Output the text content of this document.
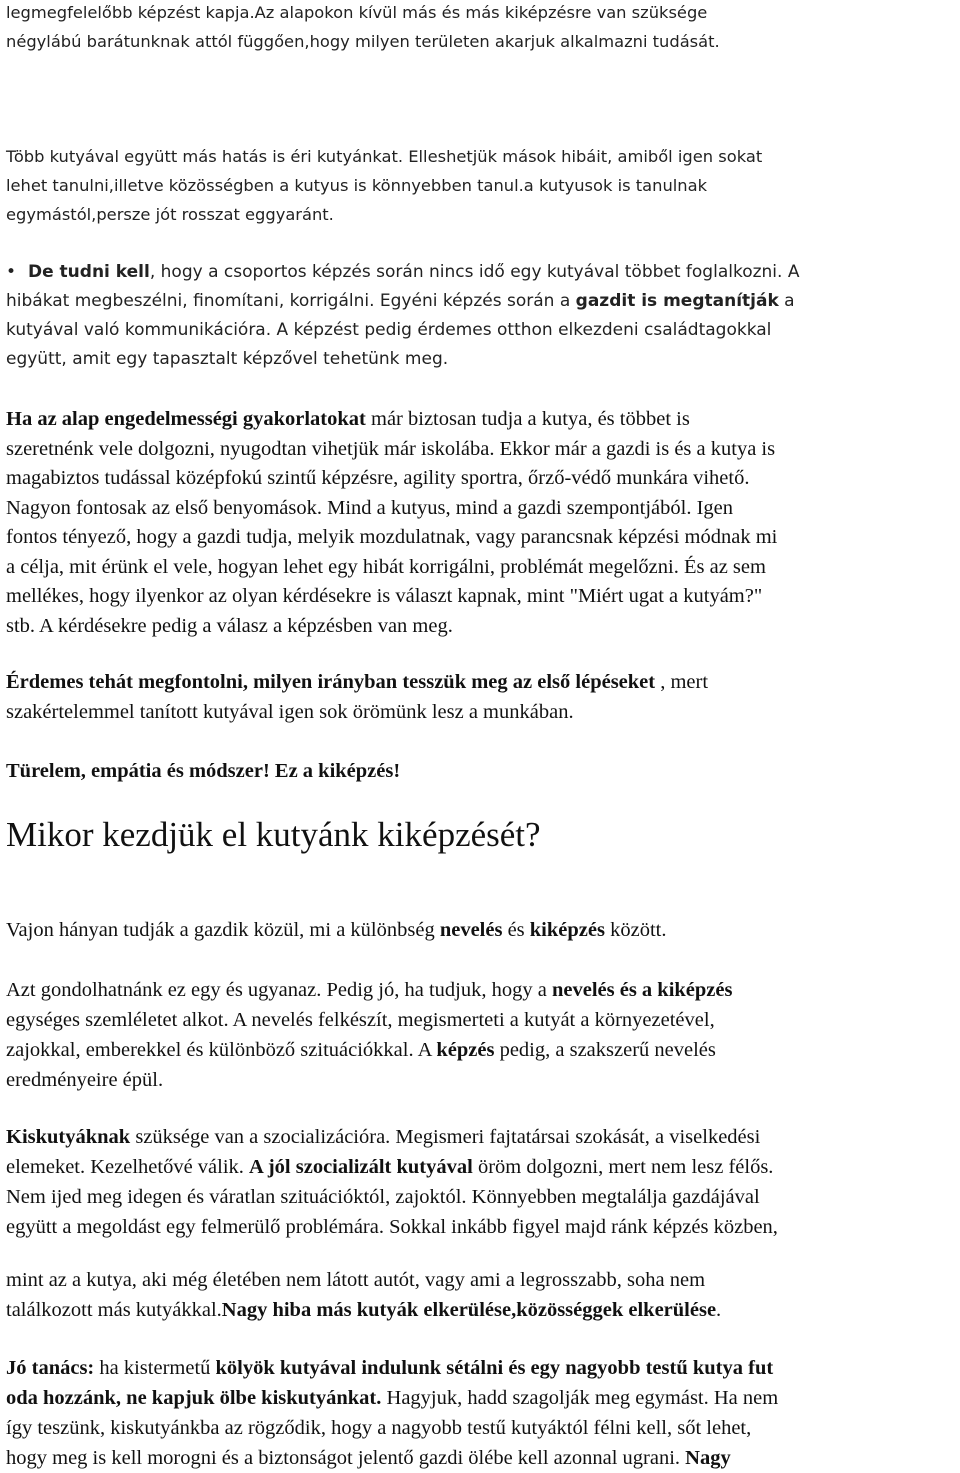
legmegfelelőbb képzést kapja.Az alapokon kívül más és más kiképzésre van szüksége
négylábú barátunknak attól függően,hogy milyen területen akarjuk alkalmazni tudását.
Több kutyával együtt más hatás is éri kutyánkat. Elleshetjük mások hibáit, amiből igen sokat
lehet tanulni,illetve közösségben a kutyus is könnyebben tanul.a kutyusok is tanulnak
egymástól,persze jót rosszat eggyaránt.
• De tudni kell, hogy a csoportos képzés során nincs idő egy kutyával többet foglalkozni. A
hibákat megbeszélni, finomítani, korrigálni. Egyéni képzés során a gazdit is megtanítják a
kutyával való kommunikációra. A képzést pedig érdemes otthon elkezdeni családtagokkal
együtt, amit egy tapasztalt képzővel tehetünk meg.
Ha az alap engedelmességi gyakorlatokat már biztosan tudja a kutya, és többet is
szeretnénk vele dolgozni, nyugodtan vihetjük már iskolába. Ekkor már a gazdi is és a kutya is
magabiztos tudással középfokú szintű képzésre, agility sportra, őrző-védő munkára vihető.
Nagyon fontosak az első benyomások. Mind a kutyus, mind a gazdi szempontjából. Igen
fontos tényező, hogy a gazdi tudja, melyik mozdulatnak, vagy parancsnak képzési módnak mi
a célja, mit érünk el vele, hogyan lehet egy hibát korrigálni, problémát megelőzni. És az sem
mellékes, hogy ilyenkor az olyan kérdésekre is választ kapnak, mint "Miért ugat a kutyám?"
stb. A kérdésekre pedig a válasz a képzésben van meg.
Érdemes tehát megfontolni, milyen irányban tesszük meg az első lépéseket , mert
szakértelemmel tanított kutyával igen sok örömünk lesz a munkában.
Türelem, empátia és módszer! Ez a kiképzés!
Mikor kezdjük el kutyánk kiképzését?
Vajon hányan tudják a gazdik közül, mi a különbség nevelés és kiképzés között.
Azt gondolhatnánk ez egy és ugyanaz. Pedig jó, ha tudjuk, hogy a nevelés és a kiképzés
egységes szemléletet alkot. A nevelés felkészít, megismerteti a kutyát a környezetével,
zajokkal, emberekkel és különböző szituációkkal. A képzés pedig, a szakszerű nevelés
eredményeire épül.
Kiskutyáknak szüksége van a szocializációra. Megismeri fajtatársai szokását, a viselkedési
elemeket. Kezelhetővé válik. A jól szocializált kutyával öröm dolgozni, mert nem lesz félős.
Nem ijed meg idegen és váratlan szituációktól, zajoktól. Könnyebben megtalálja gazdájával
együtt a megoldást egy felmerülő problémára. Sokkal inkább figyel majd ránk képzés közben,
mint az a kutya, aki még életében nem látott autót, vagy ami a legrosszabb, soha nem
találkozott más kutyákkal.Nagy hiba más kutyák elkerülése,közösséggek elkerülése.
Jó tanács: ha kistermetű kölyök kutyával indulunk sétálni és egy nagyobb testű kutya fut
oda hozzánk, ne kapjuk ölbe kiskutyánkat. Hagyjuk, hadd szagolják meg egymást. Ha nem
így teszünk, kiskutyánkba az rögződik, hogy a nagyobb testű kutyáktól félni kell, sőt lehet,
hogy meg is kell morogni és a biztonságot jelentő gazdi ölébe kell azonnal ugrani. Nagy
